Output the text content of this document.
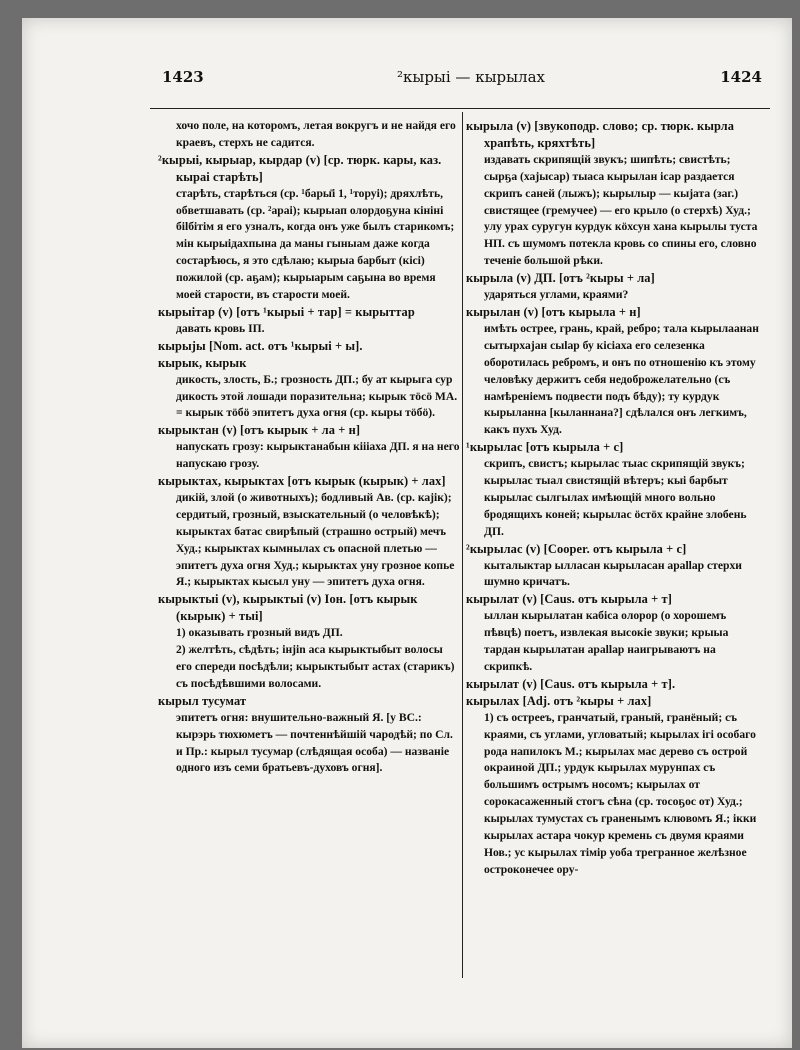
1423	²кырыі — кырылах	1424

хочо поле, на которомъ, летая вокругъ и не найдя его краевъ, стерхъ не садится.

²кырыі, кырыар, кырдар (v) [ср. тюрк. кары, каз. кырai старѣть]

старѣть, старѣться (ср. ¹бары̄i 1, ¹торуі); дряхлѣть, обветшавать (ср. ²араі); кырыап олордоҕуна кініні біlбітім я его узналъ, когда онъ уже былъ старикомъ; мін кырыідахпына да маны гыныам даже когда состарѣюсь, я это сдѣлаю; кырыа барбыт (кісі) пожилой (ср. аҕам); кырыарым саҕына во время моей старости, въ старости моей.

кырыітар (v) [отъ ¹кырыі + тар] = кырыттар

давать кровь ІП.

кырыjы [Nom. act. отъ ¹кырыі + ы].

кырык, кырык

дикость, злость, Б.; грозность ДП.; бу ат кырыга сур дикость этой лошади поразительна; кырык тöсö МА. = кырык тöбö эпитетъ духа огня (ср. кыры тöбö).

кырыктан (v) [отъ кырык + ла + н]

напускать грозу: кырыктанабын кіііаха ДП. я на него напускаю грозу.

кырыктах, кырыктах [отъ кырык (кырык) + лах]

дикій, злой (о животныхъ); бодливый Ав. (ср. каjік); сердитый, грозный, взыскательный (о человѣкѣ); кырыктах батас свирѣпый (страшно острый) мечъ Худ.; кырыктах кымнылах съ опасной плетью — эпитетъ духа огня Худ.; кырыктах уну грозное копье Я.; кырыктах кысыл уну — эпитетъ духа огня.

кырыктыі (v), кырыктыі (v) Іон. [отъ кырык (кырык) + тыі]

1) оказывать грозный видъ ДП.

2) желтѣть, сѣдѣть; інjіn аса кырыктыбыт волосы его спереди посѣдѣли; кырыктыбыт астах (старикъ) съ посѣдѣвшими волосами.

кырыл тусумат

эпитетъ огня: внушительно-важный Я. [у ВС.: кырэрь тюхюметъ — почтеннѣйшій чародѣй; по Сл. и Пр.: кырыл тусумар (слѣдящая особа) — названіе одного изъ семи братьевъ-духовъ огня].

кырыла (v) [звукоподр. слово; ср. тюрк. кырла храпѣть, кряхтѣть]

издавать скрипящій звукъ; шипѣть; свистѣть; сырҕа (хаjысар) тыаса кырылан ісар раздается скрипъ саней (лыжъ); кырылыр — кыjата (заг.) свистящее (гремучее) — его крыло (о стерхѣ) Худ.; улу урах суругун курдук кöхсун хана кырылы туста НП. съ шумомъ потекла кровь со спины его, словно теченіе большой рѣки.

кырыла (v) ДП. [отъ ²кыры + ла]

ударяться углами, краями?

кырылан (v) [отъ кырыла + н]

имѣть острее, грань, край, ребро; тала кырылаанан сытырхаjан сыlар бу кісiaха его селезенка оборотилась ребромъ, и онъ по отношенію къ этому человѣку держитъ себя недоброжелательно (съ намѣреніемъ подвести подъ бѣду); ту курдук кырыланна [кыланнана?] сдѣлался онъ легкимъ, какъ пухъ Худ.

¹кырылас [отъ кырыла + с]

скрипъ, свистъ; кырылас тыас скрипящій звукъ; кырылас тыал свистящій вѣтеръ; кыі барбыт кырылас сылгылах имѣющій много вольно бродящихъ коней; кырылас öстöх крайне злобень ДП.

²кырылас (v) [Cooper. отъ кырыла + с]

кыталыктар ылласан кырыласан араllар стерхи шумно кричатъ.

кырылат (v) [Caus. отъ кырыла + т]

ыллан кырылатан кабіса олорор (о хорошемъ пѣвцѣ) поетъ, извлекая высокіе звуки; крыыа тардан кырылатан араllар наигрываютъ на скрипкѣ.

кырылат (v) [Caus. отъ кырыла + т].

кырылах [Adj. отъ ²кыры + лах]

1) съ острееъ, гранчатый, граный, гранёный; съ краями, съ углами, угловатый; кырылах ігі особаго рода напилокъ М.; кырылах мас дерево съ острой окраиной ДП.; урдук кырылах мурунпах съ большимъ острымъ носомъ; кырылах от сорокасаженный стогъ сѣна (ср. тосоҕос от) Худ.; кырылах тумустах съ граненымъ клювомъ Я.; ікки кырылах астара чокур кремень съ двумя краями Нов.; ус кырылах тімір уоба трегранное желѣзное остроконечее ору-
